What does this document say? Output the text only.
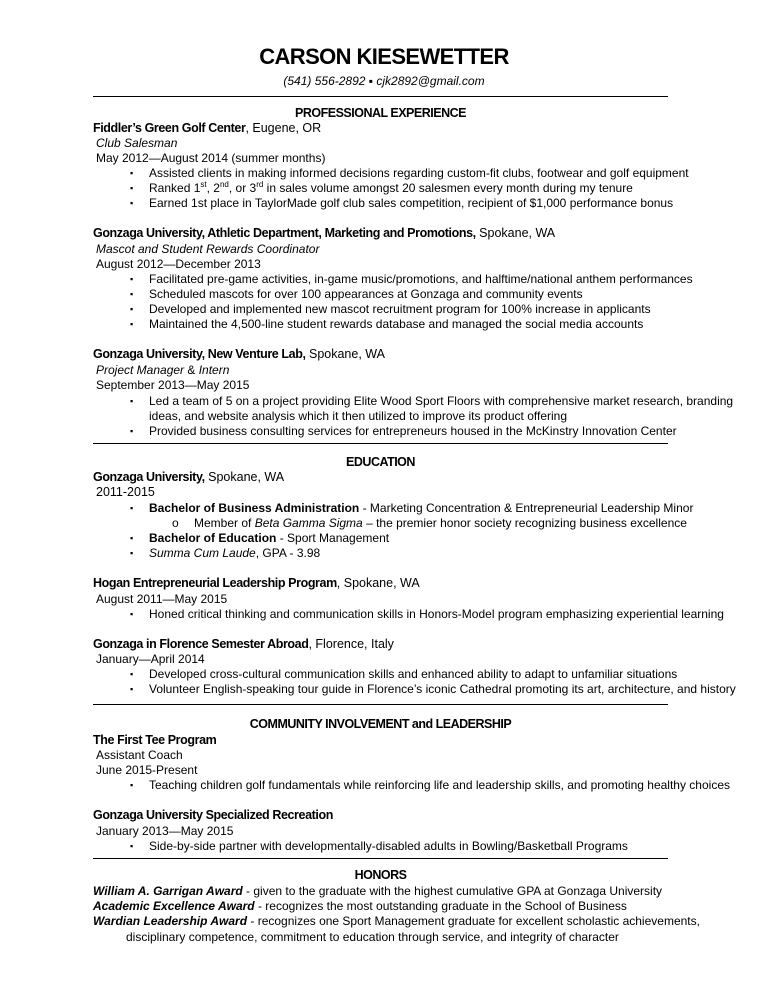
CARSON KIESEWETTER
(541) 556-2892 ▪ cjk2892@gmail.com
PROFESSIONAL EXPERIENCE
Fiddler’s Green Golf Center, Eugene, OR
Club Salesman
May 2012—August 2014 (summer months)
▪ Assisted clients in making informed decisions regarding custom-fit clubs, footwear and golf equipment
▪ Ranked 1st, 2nd, or 3rd in sales volume amongst 20 salesmen every month during my tenure
▪ Earned 1st place in TaylorMade golf club sales competition, recipient of $1,000 performance bonus
Gonzaga University, Athletic Department, Marketing and Promotions, Spokane, WA
Mascot and Student Rewards Coordinator
August 2012—December 2013
▪ Facilitated pre-game activities, in-game music/promotions, and halftime/national anthem performances
▪ Scheduled mascots for over 100 appearances at Gonzaga and community events
▪ Developed and implemented new mascot recruitment program for 100% increase in applicants
▪ Maintained the 4,500-line student rewards database and managed the social media accounts
Gonzaga University, New Venture Lab, Spokane, WA
Project Manager & Intern
September 2013—May 2015
▪ Led a team of 5 on a project providing Elite Wood Sport Floors with comprehensive market research, branding
ideas, and website analysis which it then utilized to improve its product offering
▪ Provided business consulting services for entrepreneurs housed in the McKinstry Innovation Center
EDUCATION
Gonzaga University, Spokane, WA
2011-2015
▪ Bachelor of Business Administration - Marketing Concentration & Entrepreneurial Leadership Minor
o Member of Beta Gamma Sigma – the premier honor society recognizing business excellence
▪ Bachelor of Education - Sport Management
▪ Summa Cum Laude, GPA - 3.98
Hogan Entrepreneurial Leadership Program, Spokane, WA
August 2011—May 2015
▪ Honed critical thinking and communication skills in Honors-Model program emphasizing experiential learning
Gonzaga in Florence Semester Abroad, Florence, Italy
January—April 2014
▪ Developed cross-cultural communication skills and enhanced ability to adapt to unfamiliar situations
▪ Volunteer English-speaking tour guide in Florence’s iconic Cathedral promoting its art, architecture, and history
COMMUNITY INVOLVEMENT and LEADERSHIP
The First Tee Program
Assistant Coach
June 2015-Present
▪ Teaching children golf fundamentals while reinforcing life and leadership skills, and promoting healthy choices
Gonzaga University Specialized Recreation
January 2013—May 2015
▪ Side-by-side partner with developmentally-disabled adults in Bowling/Basketball Programs
HONORS
William A. Garrigan Award - given to the graduate with the highest cumulative GPA at Gonzaga University
Academic Excellence Award - recognizes the most outstanding graduate in the School of Business
Wardian Leadership Award - recognizes one Sport Management graduate for excellent scholastic achievements,
disciplinary competence, commitment to education through service, and integrity of character
